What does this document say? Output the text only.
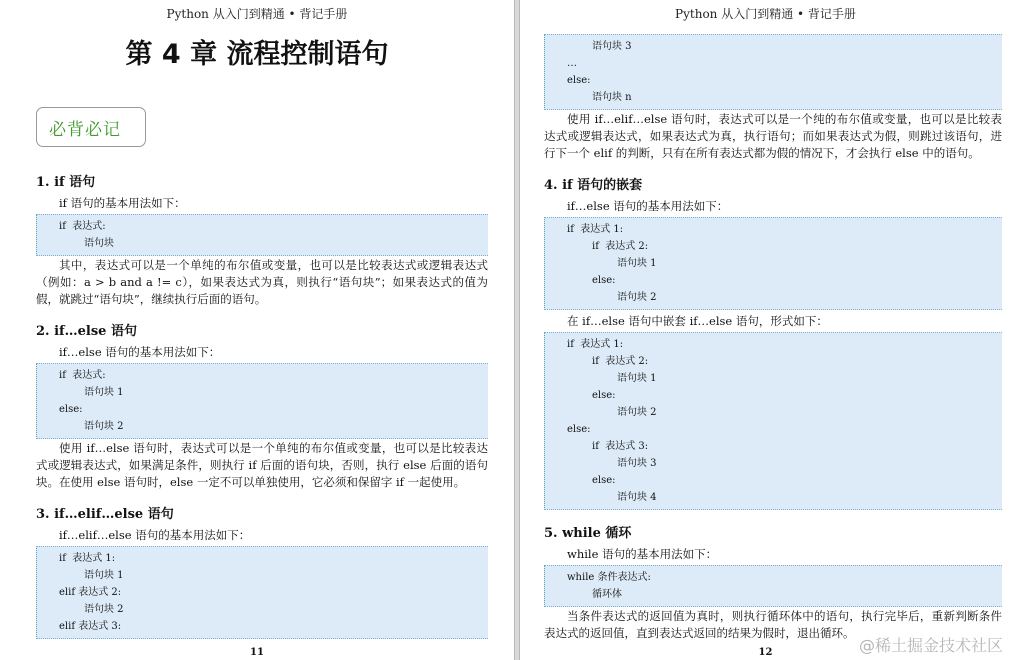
Python 从入门到精通 • 背记手册
第 4 章 流程控制语句
必背必记
1. if 语句

if 语句的基本用法如下：

if  表达式:
语句块

其中，表达式可以是一个单纯的布尔值或变量，也可以是比较表达式或逻辑表达式（例如：a > b and a != c），如果表达式为真，则执行“语句块”；如果表达式的值为假，就跳过“语句块”，继续执行后面的语句。

2. if…else 语句

if…else 语句的基本用法如下：

if  表达式:
语句块 1
else:
语句块 2

使用 if…else 语句时，表达式可以是一个单纯的布尔值或变量，也可以是比较表达式或逻辑表达式，如果满足条件，则执行 if 后面的语句块，否则，执行 else 后面的语句块。在使用 else 语句时，else 一定不可以单独使用，它必须和保留字 if 一起使用。

3. if…elif…else 语句

if…elif…else 语句的基本用法如下：

if  表达式 1:
语句块 1
elif 表达式 2:
语句块 2
elif 表达式 3:
11
Python 从入门到精通 • 背记手册
语句块 3
…
else:
语句块 n

使用 if…elif…else 语句时，表达式可以是一个纯的布尔值或变量，也可以是比较表达式或逻辑表达式，如果表达式为真，执行语句；而如果表达式为假，则跳过该语句，进行下一个 elif 的判断，只有在所有表达式都为假的情况下，才会执行 else 中的语句。

4. if 语句的嵌套

if…else 语句的基本用法如下：

if  表达式 1:
if  表达式 2:
语句块 1
else:
语句块 2

在 if…else 语句中嵌套 if…else 语句，形式如下：

if  表达式 1:
if  表达式 2:
语句块 1
else:
语句块 2
else:
if  表达式 3:
语句块 3
else:
语句块 4
5. while 循环

while 语句的基本用法如下：

while 条件表达式:
循环体

当条件表达式的返回值为真时，则执行循环体中的语句，执行完毕后，重新判断条件表达式的返回值，直到表达式返回的结果为假时，退出循环。

12	@稀土掘金技术社区
